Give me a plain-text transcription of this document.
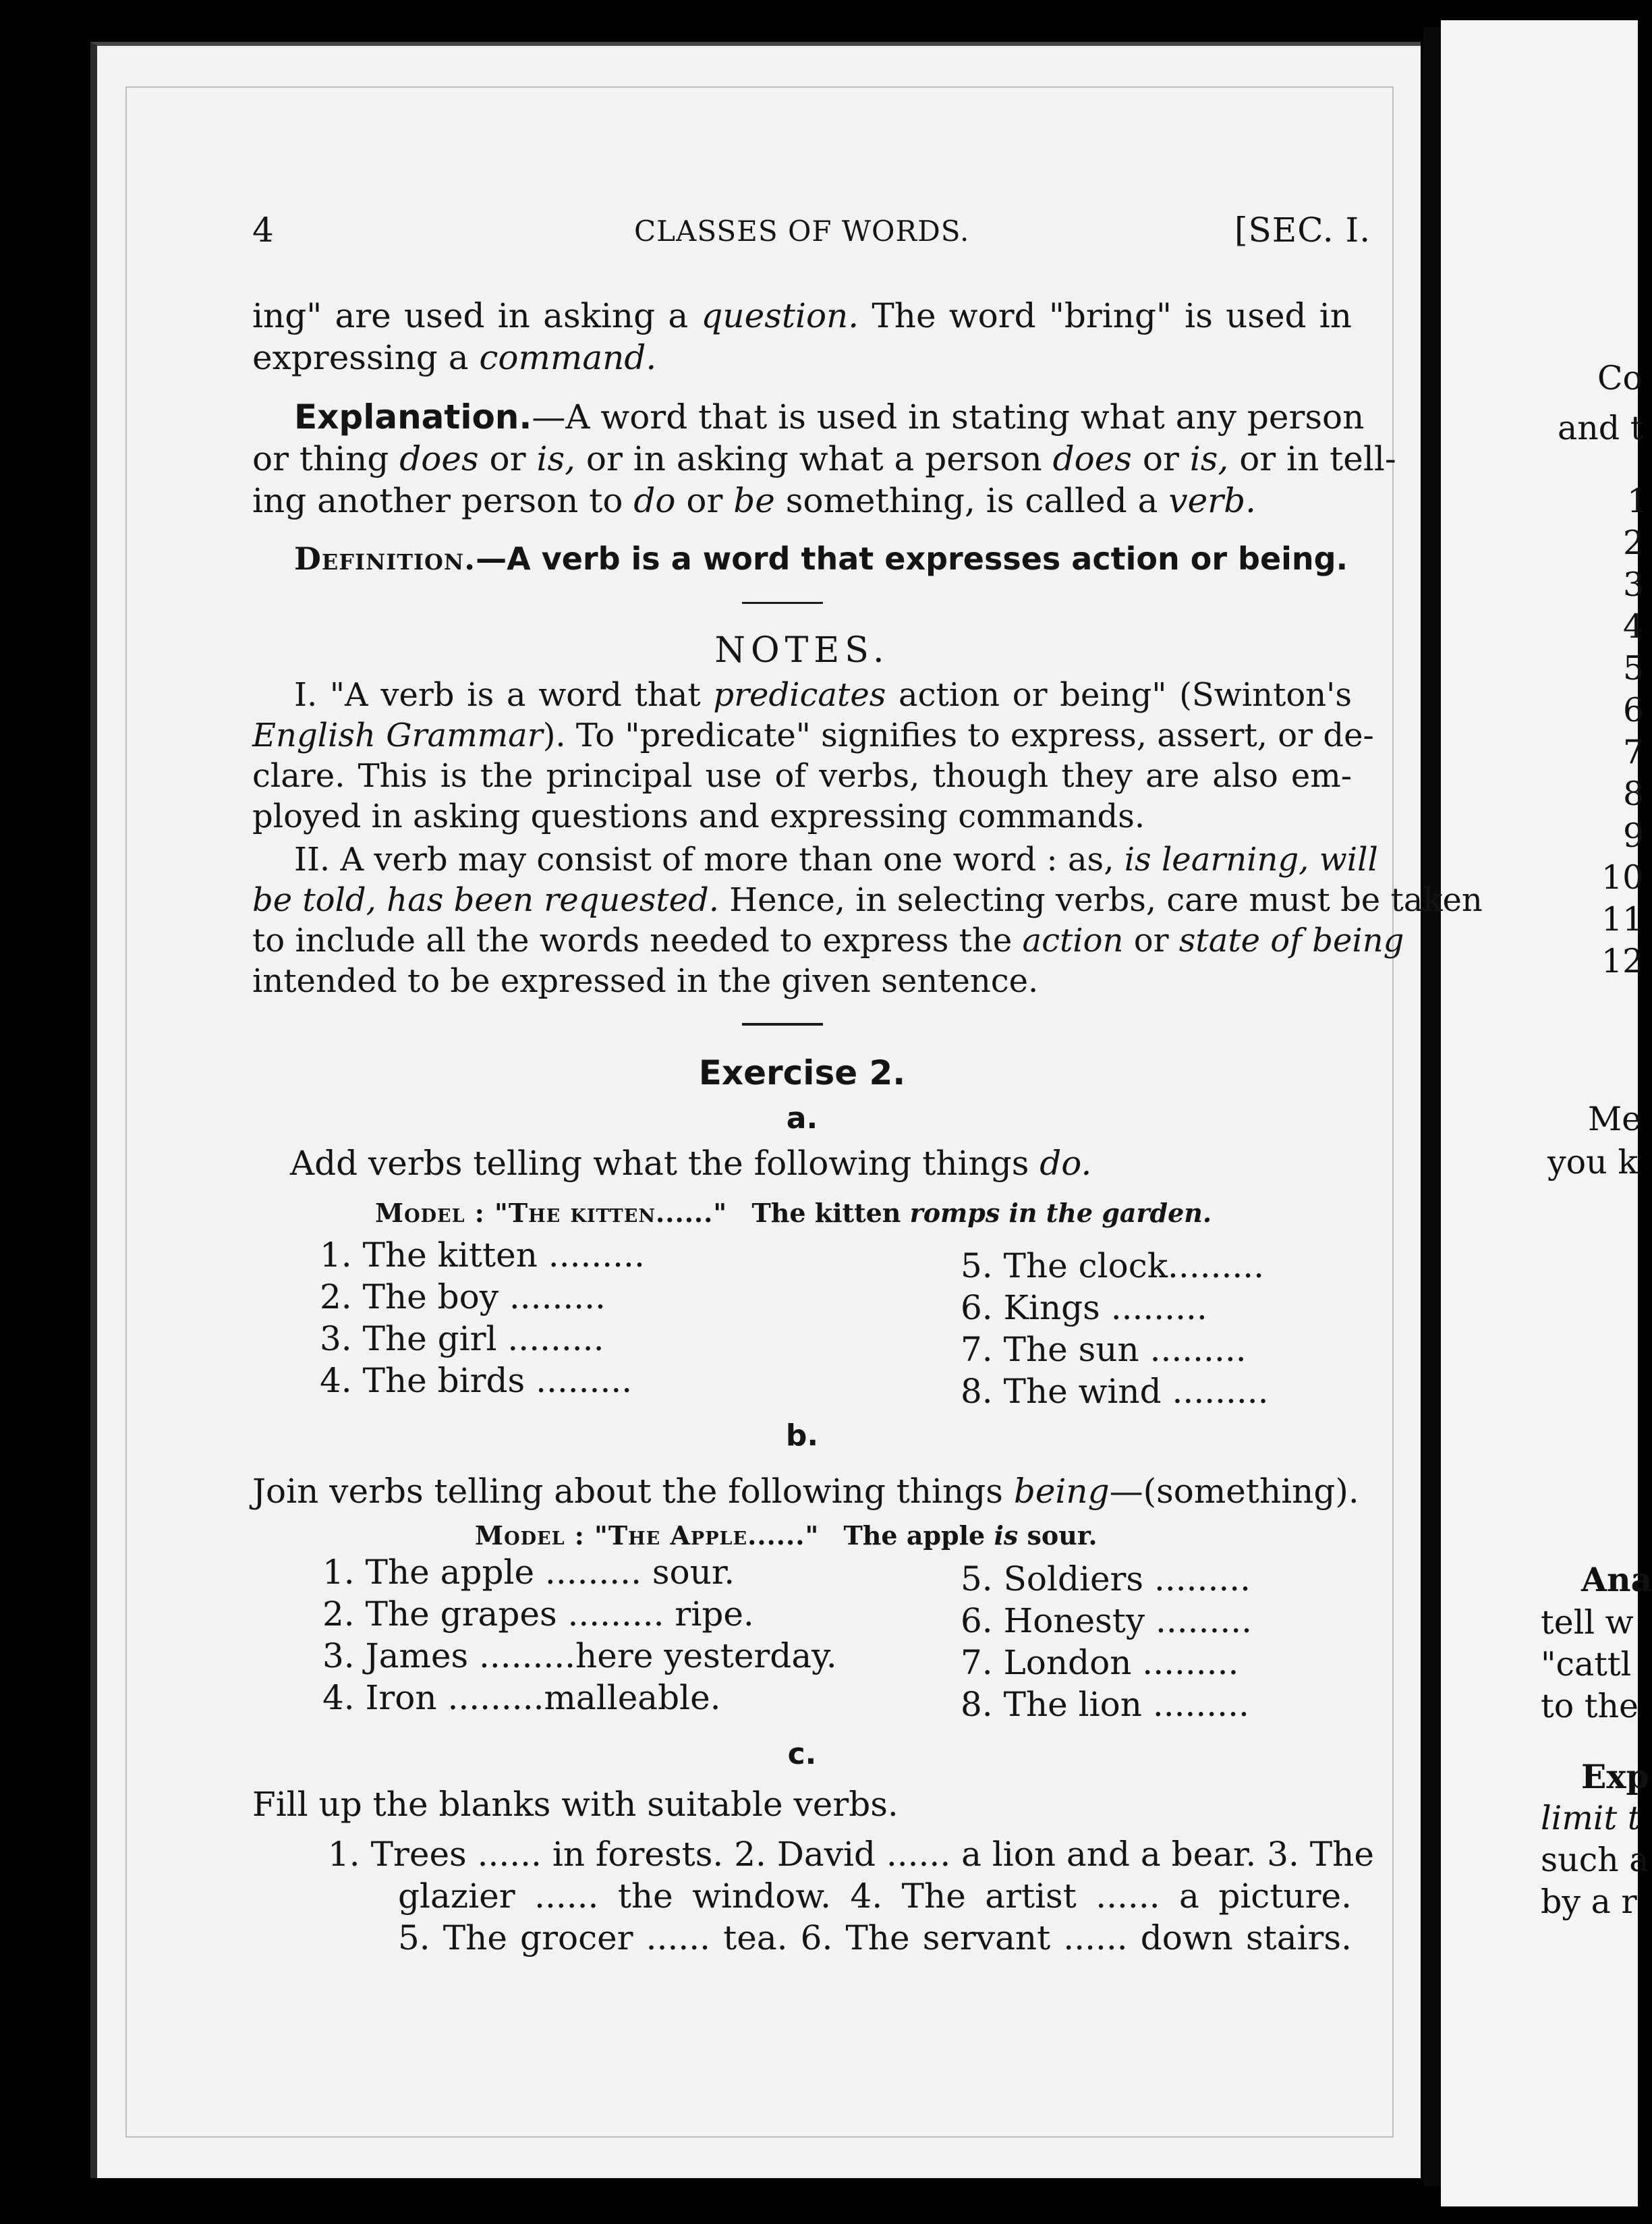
Co
and t
1
2
3
4
5
6
7
8
9
10
11
12
Me
you k
Ana
tell w
"cattl
to the
Exp
limit t
such a
by a r
4	CLASSES OF WORDS.	[SEC. I.
ing" are used in asking a question. The word "bring" is used in
expressing a command.
Explanation.—A word that is used in stating what any person
or thing does or is, or in asking what a person does or is, or in tell-
ing another person to do or be something, is called a verb.
Definition.—A verb is a word that expresses action or being.
NOTES.
I. "A verb is a word that predicates action or being" (Swinton's
English Grammar). To "predicate" signifies to express, assert, or de-
clare. This is the principal use of verbs, though they are also em-
ployed in asking questions and expressing commands.
II. A verb may consist of more than one word : as, is learning, will
be told, has been requested. Hence, in selecting verbs, care must be taken
to include all the words needed to express the action or state of being
intended to be expressed in the given sentence.
Exercise 2.
a.
Add verbs telling what the following things do.
Model : "The kitten......" The kitten romps in the garden.
1. The kitten .........
2. The boy .........
3. The girl .........
4. The birds .........
5. The clock.........
6. Kings .........
7. The sun .........
8. The wind .........
b.
Join verbs telling about the following things being—(something).
Model : "The Apple......" The apple is sour.
1. The apple ......... sour.
2. The grapes ......... ripe.
3. James .........here yesterday.
4. Iron .........malleable.
5. Soldiers .........
6. Honesty .........
7. London .........
8. The lion .........
c.
Fill up the blanks with suitable verbs.
1. Trees ...... in forests. 2. David ...... a lion and a bear. 3. The
glazier ...... the window. 4. The artist ...... a picture.
5. The grocer ...... tea. 6. The servant ...... down stairs.
